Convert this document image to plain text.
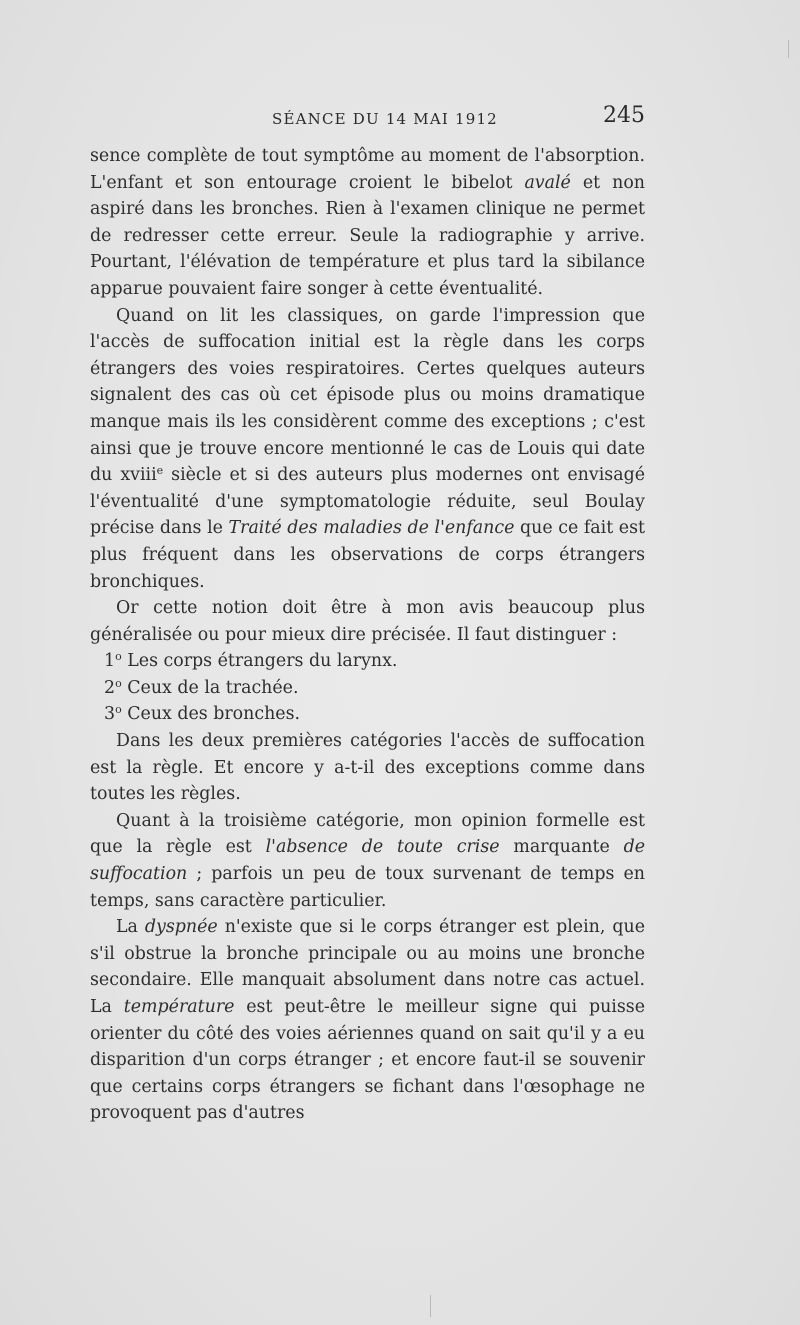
SÉANCE DU 14 MAI 1912	245

sence complète de tout symptôme au moment de l'absorption. L'enfant et son entourage croient le bibelot avalé et non aspiré dans les bronches. Rien à l'examen clinique ne permet de redresser cette erreur. Seule la radiographie y arrive. Pourtant, l'élévation de température et plus tard la sibilance apparue pouvaient faire songer à cette éventualité.

Quand on lit les classiques, on garde l'impression que l'accès de suffocation initial est la règle dans les corps étrangers des voies respiratoires. Certes quelques auteurs signalent des cas où cet épisode plus ou moins dramatique manque mais ils les considèrent comme des exceptions ; c'est ainsi que je trouve encore mentionné le cas de Louis qui date du xviii$^e$ siècle et si des auteurs plus modernes ont envisagé l'éventualité d'une symptomatologie réduite, seul Boulay précise dans le Traité des maladies de l'enfance que ce fait est plus fréquent dans les observations de corps étrangers bronchiques.

Or cette notion doit être à mon avis beaucoup plus généralisée ou pour mieux dire précisée. Il faut distinguer :

1$^o$ Les corps étrangers du larynx.

2$^o$ Ceux de la trachée.

3$^o$ Ceux des bronches.

Dans les deux premières catégories l'accès de suffocation est la règle. Et encore y a-t-il des exceptions comme dans toutes les règles.

Quant à la troisième catégorie, mon opinion formelle est que la règle est l'absence de toute crise marquante de suffocation ; parfois un peu de toux survenant de temps en temps, sans caractère particulier.

La dyspnée n'existe que si le corps étranger est plein, que s'il obstrue la bronche principale ou au moins une bronche secondaire. Elle manquait absolument dans notre cas actuel. La température est peut-être le meilleur signe qui puisse orienter du côté des voies aériennes quand on sait qu'il y a eu disparition d'un corps étranger ; et encore faut-il se souvenir que certains corps étrangers se fichant dans l'œsophage ne provoquent pas d'autres
